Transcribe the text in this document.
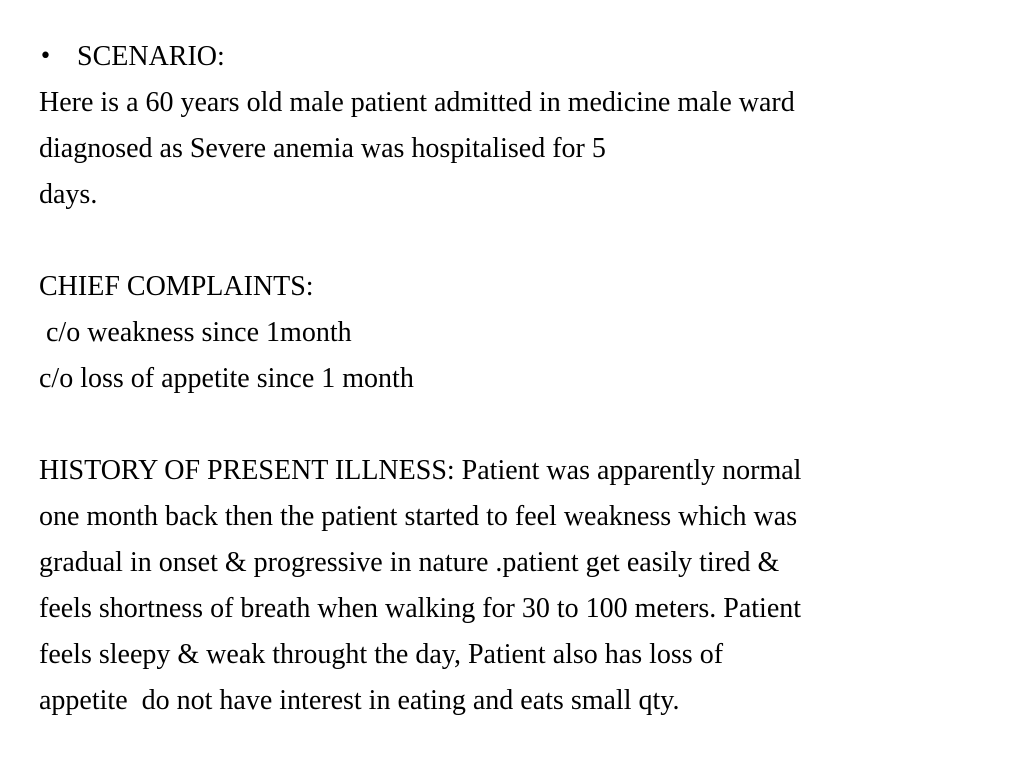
•

SCENARIO:

Here is a 60 years old male patient admitted in medicine male ward
diagnosed as Severe anemia was hospitalised for 5
days.
CHIEF COMPLAINTS:
c/o weakness since 1month
c/o loss of appetite since 1 month
HISTORY OF PRESENT ILLNESS: Patient was apparently normal
one month back then the patient started to feel weakness which was
gradual in onset & progressive in nature .patient get easily tired &
feels shortness of breath when walking for 30 to 100 meters. Patient
feels sleepy & weak throught the day, Patient also has loss of
appetite  do not have interest in eating and eats small qty.
